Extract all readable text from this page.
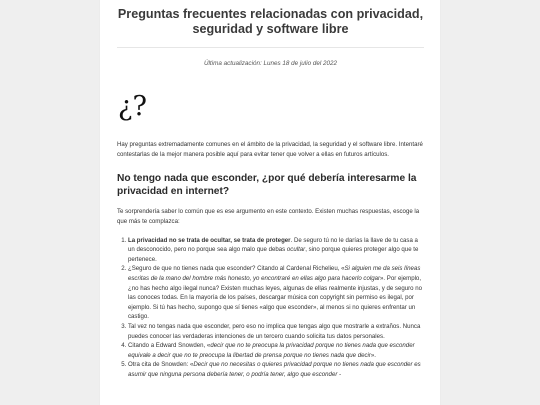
Preguntas frecuentes relacionadas con privacidad, seguridad y software libre
Última actualización: Lunes 18 de julio del 2022
¿?

Hay preguntas extremadamente comunes en el ámbito de la privacidad, la seguridad y el software libre. Intentaré contestarlas de la mejor manera posible aquí para evitar tener que volver a ellas en futuros artículos.

No tengo nada que esconder, ¿por qué debería interesarme la privacidad en internet?

Te sorprendería saber lo común que es ese argumento en este contexto. Existen muchas respuestas, escoge la que más te complazca:

1. La privacidad no se trata de ocultar, se trata de proteger. De seguro tú no le darías la llave de tu casa a un desconocido, pero no porque sea algo malo que debas ocultar, sino porque quieres proteger algo que te pertenece.
2. ¿Seguro de que no tienes nada que esconder? Citando al Cardenal Richelieu, «Si alguien me da seis líneas escritas de la mano del hombre más honesto, yo encontraré en ellas algo para hacerlo colgar». Por ejemplo, ¿no has hecho algo ilegal nunca? Existen muchas leyes, algunas de ellas realmente injustas, y de seguro no las conoces todas. En la mayoría de los países, descargar música con copyright sin permiso es ilegal, por ejemplo. Si tú has hecho, supongo que sí tienes «algo que esconder», al menos si no quieres enfrentar un castigo.
3. Tal vez no tengas nada que esconder, pero eso no implica que tengas algo que mostrarle a extraños. Nunca puedes conocer las verdaderas intenciones de un tercero cuando solicita tus datos personales.
4. Citando a Edward Snowden, «decir que no te preocupa la privacidad porque no tienes nada que esconder equivale a decir que no te preocupa la libertad de prensa porque no tienes nada que decir».
5. Otra cita de Snowden: «Decir que no necesitas o quieres privacidad porque no tienes nada que esconder es asumir que ninguna persona debería tener, o podría tener, algo que esconder -
